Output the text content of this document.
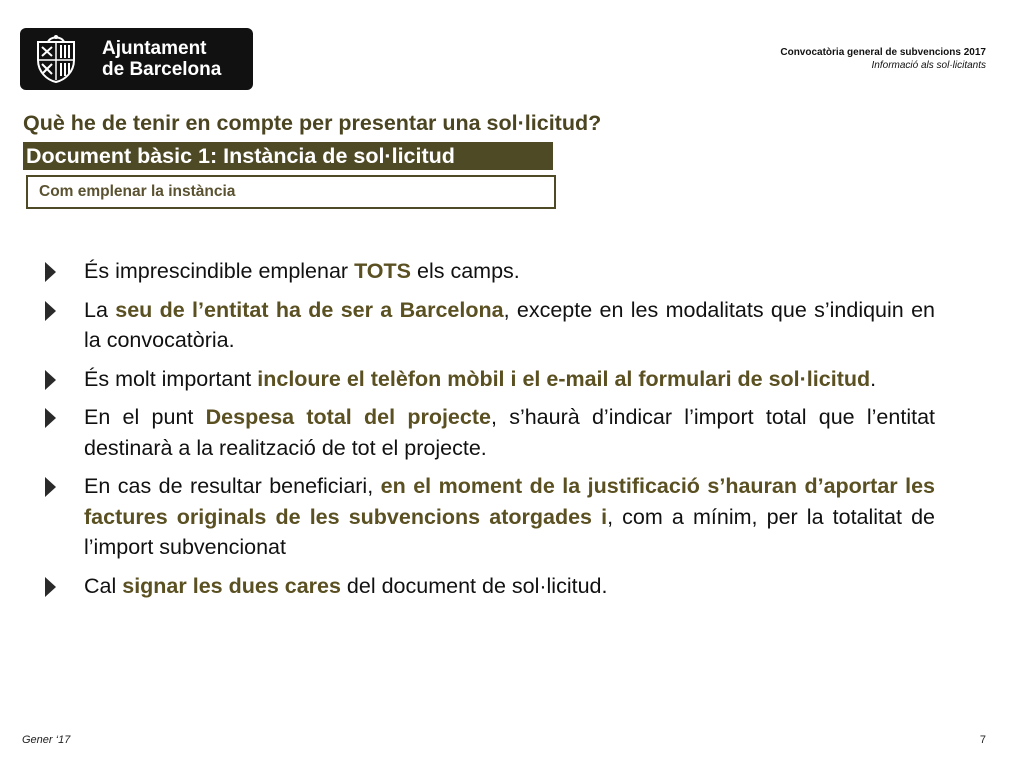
Ajuntament
de Barcelona
Convocatòria general de subvencions 2017
Informació als sol·licitants
Què he de tenir en compte per presentar una sol·licitud?
Document bàsic 1: Instància de sol·licitud
Com emplenar la instància
És imprescindible emplenar TOTS els camps.
La seu de l’entitat ha de ser a Barcelona, excepte en les modalitats que s’indiquin en la convocatòria.
És molt important incloure el telèfon mòbil i el e-mail al formulari de sol·licitud.
En el punt Despesa total del projecte, s’haurà d’indicar l’import total que l’entitat destinarà a la realització de tot el projecte.
En cas de resultar beneficiari, en el moment de la justificació s’hauran d’aportar les factures originals de les subvencions atorgades i, com a mínim, per la totalitat de l’import subvencionat
Cal signar les dues cares del document de sol·licitud.
Gener ‘17	7
